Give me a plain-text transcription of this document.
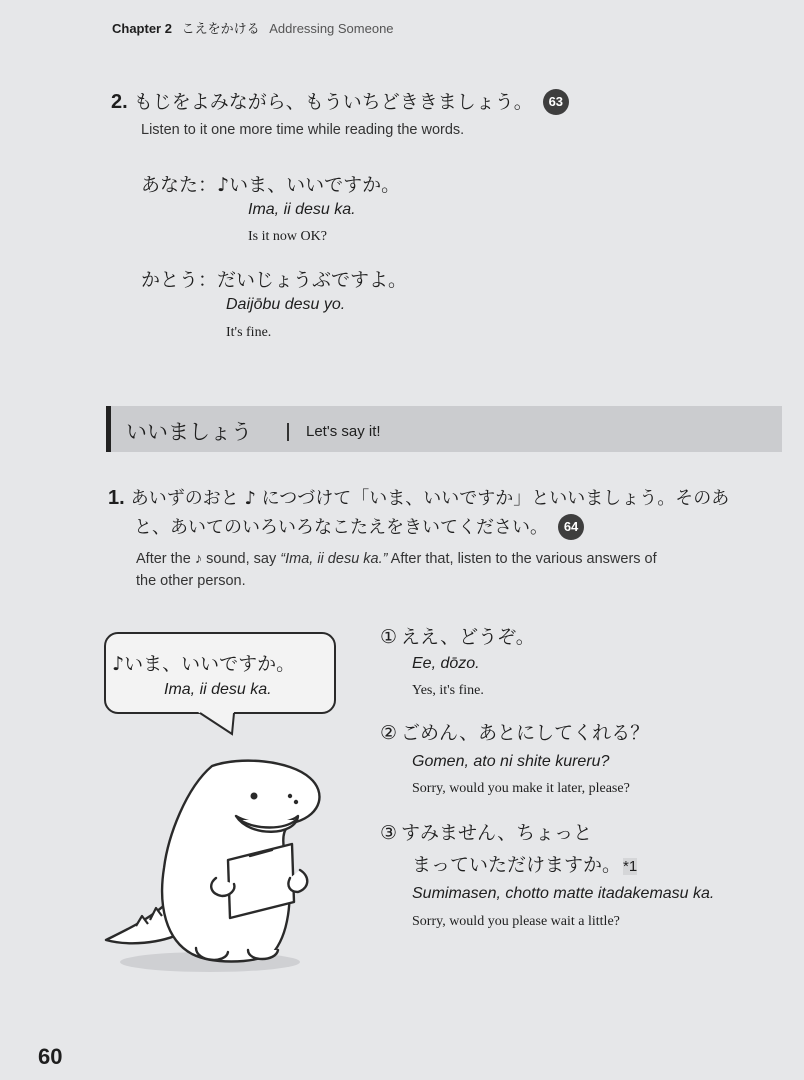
Chapter 2 こえをかける Addressing Someone
2. もじをよみながら、もういちどききましょう。 63
Listen to it one more time while reading the words.
あなた：♪いま、いいですか。
Ima, ii desu ka.
Is it now OK?
かとう：だいじょうぶですよ。
Daijōbu desu yo.
It's fine.
いいましょう	Let's say it!
1. あいずのおと ♪ につづけて「いま、いいですか」といいましょう。そのあ
と、あいてのいろいろなこたえをきいてください。 64
After the ♪ sound, say “Ima, ii desu ka.” After that, listen to the various answers of
the other person.
♪いま、いいですか。
Ima, ii desu ka.
① ええ、どうぞ。
Ee, dōzo.
Yes, it's fine.
② ごめん、あとにしてくれる？
Gomen, ato ni shite kureru?
Sorry, would you make it later, please?
③ すみません、ちょっと
まっていただけますか。 *1
Sumimasen, chotto matte itadakemasu ka.
Sorry, would you please wait a little?
60
